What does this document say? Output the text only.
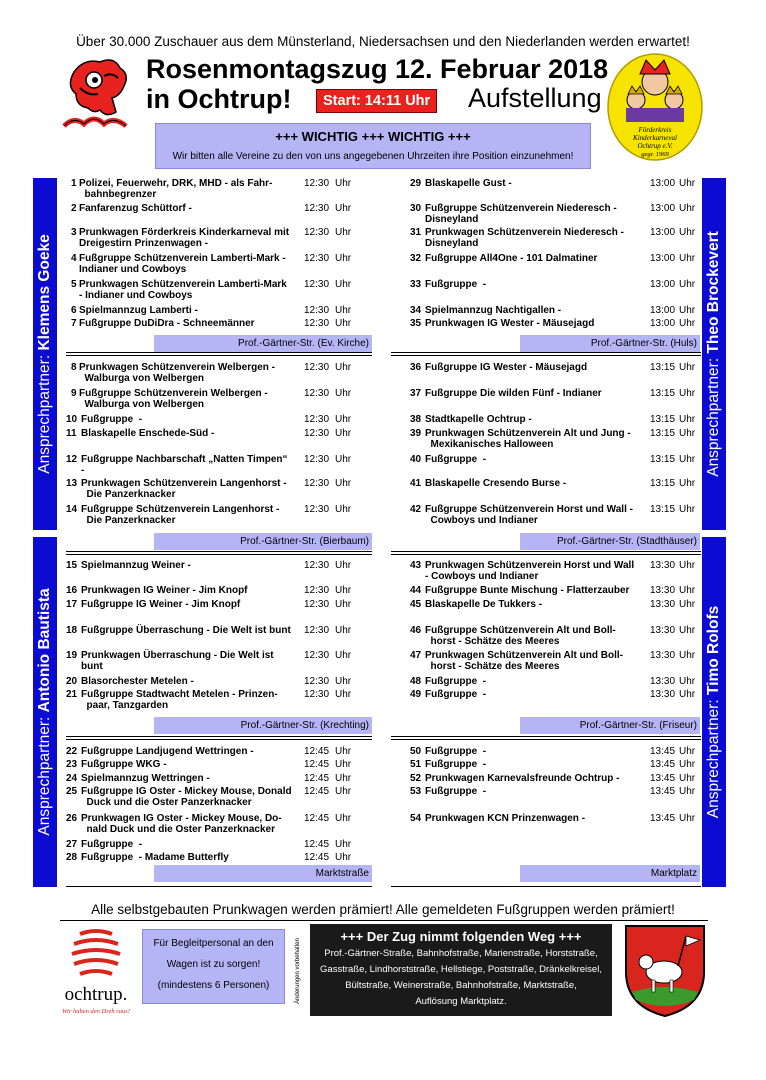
Über 30.000 Zuschauer aus dem Münsterland, Niedersachsen und den Niederlanden werden erwartet!
Rosenmontagszug 12. Februar 2018
in Ochtrup!	Start: 14:11 Uhr Aufstellung
Förderkreis
Kinderkarneval
Ochtrup e.V.
gegr. 1969
+++ WICHTIG +++ WICHTIG +++
Wir bitten alle Vereine zu den von uns angegebenen Uhrzeiten ihre Position einzunehmen!
Ansprechpartner: Klemens Goeke
Ansprechpartner: Antonio Bautista
Ansprechpartner: Theo Brockevert
Ansprechpartner: Timo Rolofs
1 Polizei, Feuerwehr, DRK, MHD - als Fahr-
bahnbegrenzer
12:30 Uhr
2 Fanfarenzug Schüttorf -	12:30 Uhr
3 Prunkwagen Förderkreis Kinderkarneval mit
Dreigestirn Prinzenwagen -
12:30 Uhr
4 Fußgruppe Schützenverein Lamberti-Mark -
Indianer und Cowboys
12:30 Uhr
5 Prunkwagen Schützenverein Lamberti-Mark
- Indianer und Cowboys
12:30 Uhr
6 Spielmannzug Lamberti -	12:30 Uhr
7 Fußgruppe DuDiDra - Schneemänner	12:30 Uhr
29 Blaskapelle Gust -	13:00 Uhr
30 Fußgruppe Schützenverein Niederesch -
Disneyland
13:00 Uhr
31 Prunkwagen Schützenverein Niederesch -
Disneyland
13:00 Uhr
32 Fußgruppe All4One - 101 Dalmatiner	13:00 Uhr
33 Fußgruppe  -	13:00 Uhr
34 Spielmannzug Nachtigallen -	13:00 Uhr
35 Prunkwagen IG Wester - Mäusejagd	13:00 Uhr
Prof.-Gärtner-Str. (Ev. Kirche)	Prof.-Gärtner-Str. (Huls)
8 Prunkwagen Schützenverein Welbergen -
Walburga von Welbergen
12:30 Uhr
9 Fußgruppe Schützenverein Welbergen -
Walburga von Welbergen
12:30 Uhr
10 Fußgruppe  -	12:30 Uhr
11 Blaskapelle Enschede-Süd -	12:30 Uhr
12 Fußgruppe Nachbarschaft „Natten Timpen“
-
12:30 Uhr
13 Prunkwagen Schützenverein Langenhorst -
Die Panzerknacker
12:30 Uhr
14 Fußgruppe Schützenverein Langenhorst -
Die Panzerknacker
12:30 Uhr
36 Fußgruppe IG Wester - Mäusejagd	13:15 Uhr
37 Fußgruppe Die wilden Fünf - Indianer	13:15 Uhr
38 Stadtkapelle Ochtrup -	13:15 Uhr
39 Prunkwagen Schützenverein Alt und Jung -
Mexikanisches Halloween
13:15 Uhr
40 Fußgruppe  -	13:15 Uhr
41 Blaskapelle Cresendo Burse -	13:15 Uhr
42 Fußgruppe Schützenverein Horst und Wall -
Cowboys und Indianer
13:15 Uhr
Prof.-Gärtner-Str. (Bierbaum)	Prof.-Gärtner-Str. (Stadthäuser)
15 Spielmannzug Weiner -	12:30 Uhr
16 Prunkwagen IG Weiner - Jim Knopf	12:30 Uhr
17 Fußgruppe IG Weiner - Jim Knopf	12:30 Uhr
18 Fußgruppe Überraschung - Die Welt ist bunt	12:30 Uhr
19 Prunkwagen Überraschung - Die Welt ist
bunt
12:30 Uhr
20 Blasorchester Metelen -	12:30 Uhr
21 Fußgruppe Stadtwacht Metelen - Prinzen-
paar, Tanzgarden
12:30 Uhr
43 Prunkwagen Schützenverein Horst und Wall
- Cowboys und Indianer
13:30 Uhr
44 Fußgruppe Bunte Mischung - Flatterzauber	13:30 Uhr
45 Blaskapelle De Tukkers -	13:30 Uhr
46 Fußgruppe Schützenverein Alt und Boll-
horst - Schätze des Meeres
13:30 Uhr
47 Prunkwagen Schützenverein Alt und Boll-
horst - Schätze des Meeres
13:30 Uhr
48 Fußgruppe  -	13:30 Uhr
49 Fußgruppe  -	13:30 Uhr
Prof.-Gärtner-Str. (Krechting)	Prof.-Gärtner-Str. (Friseur)
22 Fußgruppe Landjugend Wettringen -	12:45 Uhr
23 Fußgruppe WKG -	12:45 Uhr
24 Spielmannzug Wettringen -	12:45 Uhr
25 Fußgruppe IG Oster - Mickey Mouse, Donald
Duck und die Oster Panzerknacker
12:45 Uhr
26 Prunkwagen IG Oster - Mickey Mouse, Do-
nald Duck und die Oster Panzerknacker
12:45 Uhr
27 Fußgruppe  -	12:45 Uhr
28 Fußgruppe  - Madame Butterfly	12:45 Uhr
50 Fußgruppe  -	13:45 Uhr
51 Fußgruppe  -	13:45 Uhr
52 Prunkwagen Karnevalsfreunde Ochtrup -	13:45 Uhr
53 Fußgruppe  -	13:45 Uhr
54 Prunkwagen KCN Prinzenwagen -	13:45 Uhr
Marktstraße	Marktplatz
Alle selbstgebauten Prunkwagen werden prämiert! Alle gemeldeten Fußgruppen werden prämiert!
ochtrup.
Wir haben den Dreh raus!
Für Begleitpersonal an den
Wagen ist zu sorgen!
(mindestens 6 Personen)	Änderungen vorbehalten
+++ Der Zug nimmt folgenden Weg +++
Prof.-Gärtner-Straße, Bahnhofstraße, Marienstraße, Horststraße,
Gasstraße, Lindhorststraße, Hellstiege, Poststraße, Dränkelkreisel,
Bültstraße, Weinerstraße, Bahnhofstraße, Marktstraße,
Auflösung Marktplatz.
